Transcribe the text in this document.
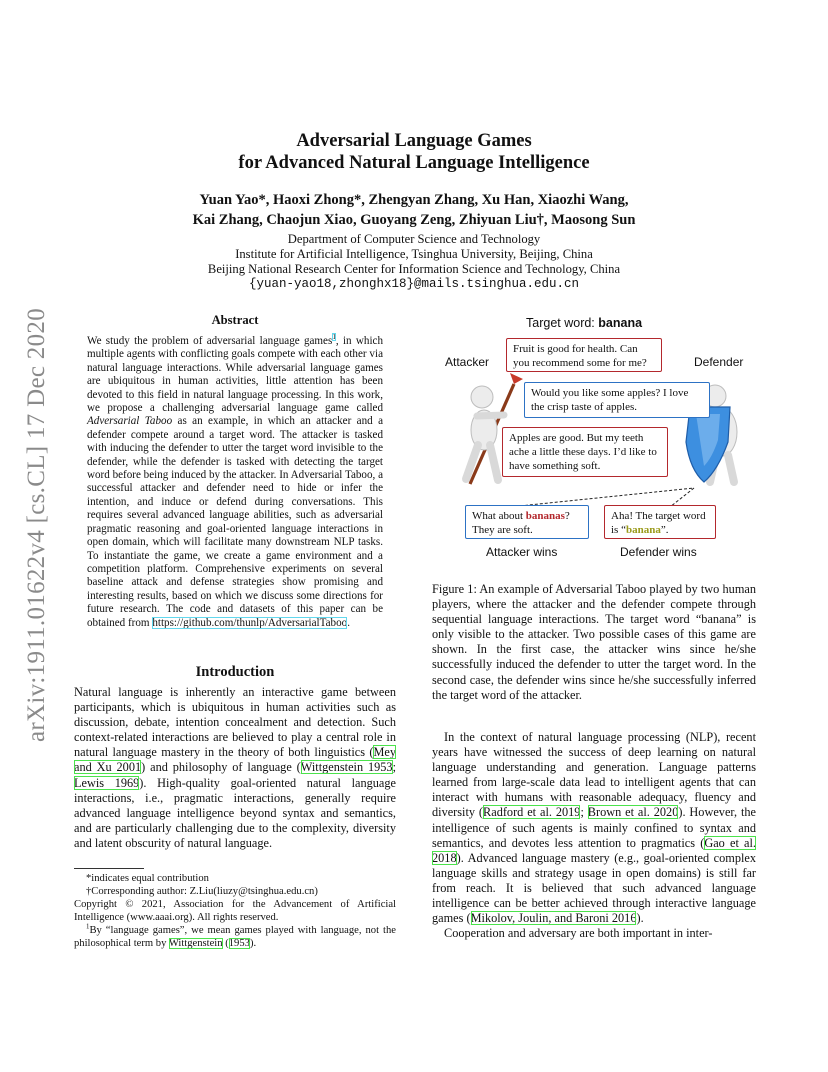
arXiv:1911.01622v4 [cs.CL] 17 Dec 2020
Adversarial Language Games
for Advanced Natural Language Intelligence
Yuan Yao*, Haoxi Zhong*, Zhengyan Zhang, Xu Han, Xiaozhi Wang,
Kai Zhang, Chaojun Xiao, Guoyang Zeng, Zhiyuan Liu†, Maosong Sun
Department of Computer Science and Technology
Institute for Artificial Intelligence, Tsinghua University, Beijing, China
Beijing National Research Center for Information Science and Technology, China
{yuan-yao18,zhonghx18}@mails.tsinghua.edu.cn
Abstract
We study the problem of adversarial language games$^1$, in which multiple agents with conflicting goals compete with each other via natural language interactions. While adversarial language games are ubiquitous in human activities, little attention has been devoted to this field in natural language processing. In this work, we propose a challenging adversarial language game called Adversarial Taboo as an example, in which an attacker and a defender compete around a target word. The attacker is tasked with inducing the defender to utter the target word invisible to the defender, while the defender is tasked with detecting the target word before being induced by the attacker. In Adversarial Taboo, a successful attacker and defender need to hide or infer the intention, and induce or defend during conversations. This requires several advanced language abilities, such as adversarial pragmatic reasoning and goal-oriented language interactions in open domain, which will facilitate many downstream NLP tasks. To instantiate the game, we create a game environment and a competition platform. Comprehensive experiments on several baseline attack and defense strategies show promising and interesting results, based on which we discuss some directions for future research. The code and datasets of this paper can be obtained from https://github.com/thunlp/AdversarialTaboo.
Introduction
Natural language is inherently an interactive game between participants, which is ubiquitous in human activities such as discussion, debate, intention concealment and detection. Such context-related interactions are believed to play a central role in natural language mastery in the theory of both linguistics (Mey and Xu 2001) and philosophy of language (Wittgenstein 1953; Lewis 1969). High-quality goal-oriented natural language interactions, i.e., pragmatic interactions, generally require advanced language intelligence beyond syntax and semantics, and are particularly challenging due to the complexity, diversity and latent obscurity of natural language.
*indicates equal contribution
†Corresponding author: Z.Liu(liuzy@tsinghua.edu.cn)
Copyright © 2021, Association for the Advancement of Artificial Intelligence (www.aaai.org). All rights reserved.
$^1$By “language games”, we mean games played with language, not the philosophical term by Wittgenstein (1953).
Target word: banana
Attacker	Defender
Fruit is good for health. Can you recommend some for me?
Would you like some apples? I love the crisp taste of apples.
Apples are good. But my teeth ache a little these days. I’d like to have something soft.
What about bananas? They are soft.
Aha! The target word is “banana”.
Attacker wins	Defender wins
Figure 1: An example of Adversarial Taboo played by two human players, where the attacker and the defender compete through sequential language interactions. The target word “banana” is only visible to the attacker. Two possible cases of this game are shown. In the first case, the attacker wins since he/she successfully induced the defender to utter the target word. In the second case, the defender wins since he/she successfully inferred the target word of the attacker.

In the context of natural language processing (NLP), recent years have witnessed the success of deep learning on natural language understanding and generation. Language patterns learned from large-scale data lead to intelligent agents that can interact with humans with reasonable adequacy, fluency and diversity (Radford et al. 2019; Brown et al. 2020). However, the intelligence of such agents is mainly confined to syntax and semantics, and devotes less attention to pragmatics (Gao et al. 2018). Advanced language mastery (e.g., goal-oriented complex language skills and strategy usage in open domains) is still far from reach. It is believed that such advanced language intelligence can be better achieved through interactive language games (Mikolov, Joulin, and Baroni 2016).

Cooperation and adversary are both important in inter-
